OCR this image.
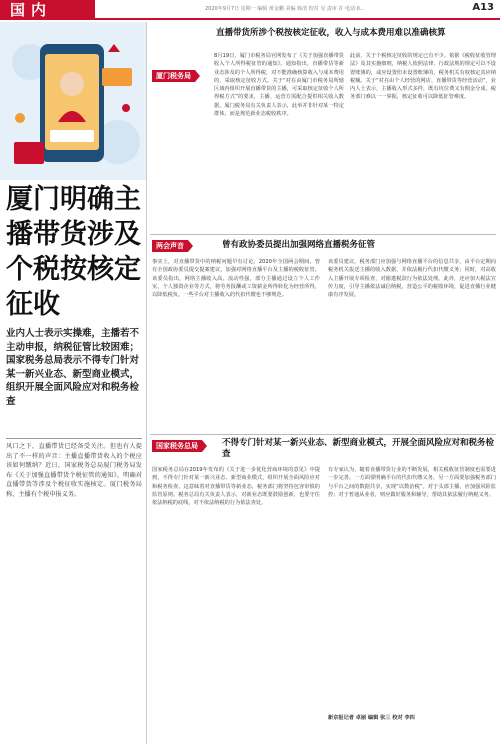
国内	2020年9月7日 星期一 编辑 黄金鹏 美编 韩清 校对 吴 责审 许 电话:0...	A13
厦门明确主播带货涉及个税按核定征收
业内人士表示实操难，主播若不主动申报，纳税征管比较困难；国家税务总局表示不得专门针对某一新兴业态、新型商业模式，组织开展全面风险应对和税务检查
风口之下，直播带货已经备受关注。但也有人提出了不一样的声音：主播直播带货收入的个税应该如何缴纳？近日，国家税务总局厦门税务局发布《关于加强直播带货个税征管的通知》，明确对直播带货等涉及个税征收实施核定。厦门税务局称，主播有个税申报义务。
厦门税务局
直播带货所涉个税按核定征收，收入与成本费用难以准确核算
8月19日，厦门市税务局官网发布了《关于加强直播带货收入个人所得税征管的通知》。通知指出，直播带货等新业态涉及的个人所得税，对不能准确核算收入与成本费用的，采取核定征收方式。关于“对在由厦门市税务局所辖区域内组织开展直播带货的主播，可采取核定征收个人所得税方式”的要求，主播、运营方需配合提供相关收入数据。厦门税务局有关负责人表示，此举并非针对某一特定群体，而是规范新业态税收秩序。
此前，关于个税核定征收的规定已有不少。依据《税收征收管理法》及其实施细则，纳税人依照法律、行政法规的规定可以不设置账簿的，或应设置但未设置账簿的，税务机关有权核定其应纳税额。关于“对在由个人经营的网店、直播带货等经营活动”，业内人士表示，主播收入形式多样，既有坑位费又有佣金分成，税务部门难以一一掌握，核定征收可以降低征管难度。
两会声音	曾有政协委员提出加强网络直播税务征管
事实上，对直播带货中的纳税问题早有讨论。2020年全国两会期间，曾有全国政协委员提交提案建议，加强对网络直播平台及主播的税收征管。该委员指出，网络主播收入高、流动性强，部分主播通过设立个人工作室、个人独资企业等方式，将劳务报酬或工资薪金所得转化为经营所得，以降低税负。一些平台对主播收入的代扣代缴也不够规范。
该委员建议，税务部门应加强与网络直播平台的信息共享，由平台定期向税务机关报送主播的收入数据，并依法履行代扣代缴义务；同时，对高收入主播开展专项检查，对偷逃税款行为依法处理。此外，还应加大税法宣传力度，引导主播依法诚信纳税，营造公平的税收环境，促进直播行业健康有序发展。
国家税务总局	不得专门针对某一新兴业态、新型商业模式，开展全面风险应对和税务检查
国家税务总局在2019年发布的《关于进一步优化营商环境的意见》中提到，不得专门针对某一新兴业态、新型商业模式，组织开展全面风险应对和税务检查。这意味着对直播带货等新业态，税务部门将坚持包容审慎的监管原则。税务总局有关负责人表示，对新业态既要鼓励创新，也要守住依法纳税的底线，对不依法纳税的行为依法查处。
有专家认为，随着直播带货行业的不断发展，相关税收征管制度也需要进一步完善。一方面要明确平台的代扣代缴义务，另一方面要加强税务部门与平台之间的数据共享，实现“以数治税”。对于头部主播，应加强风险监控；对于普通从业者，则应做好服务和辅导，帮助其依法履行纳税义务。
新京报记者 卓丽 编辑 张三 校对 李四
